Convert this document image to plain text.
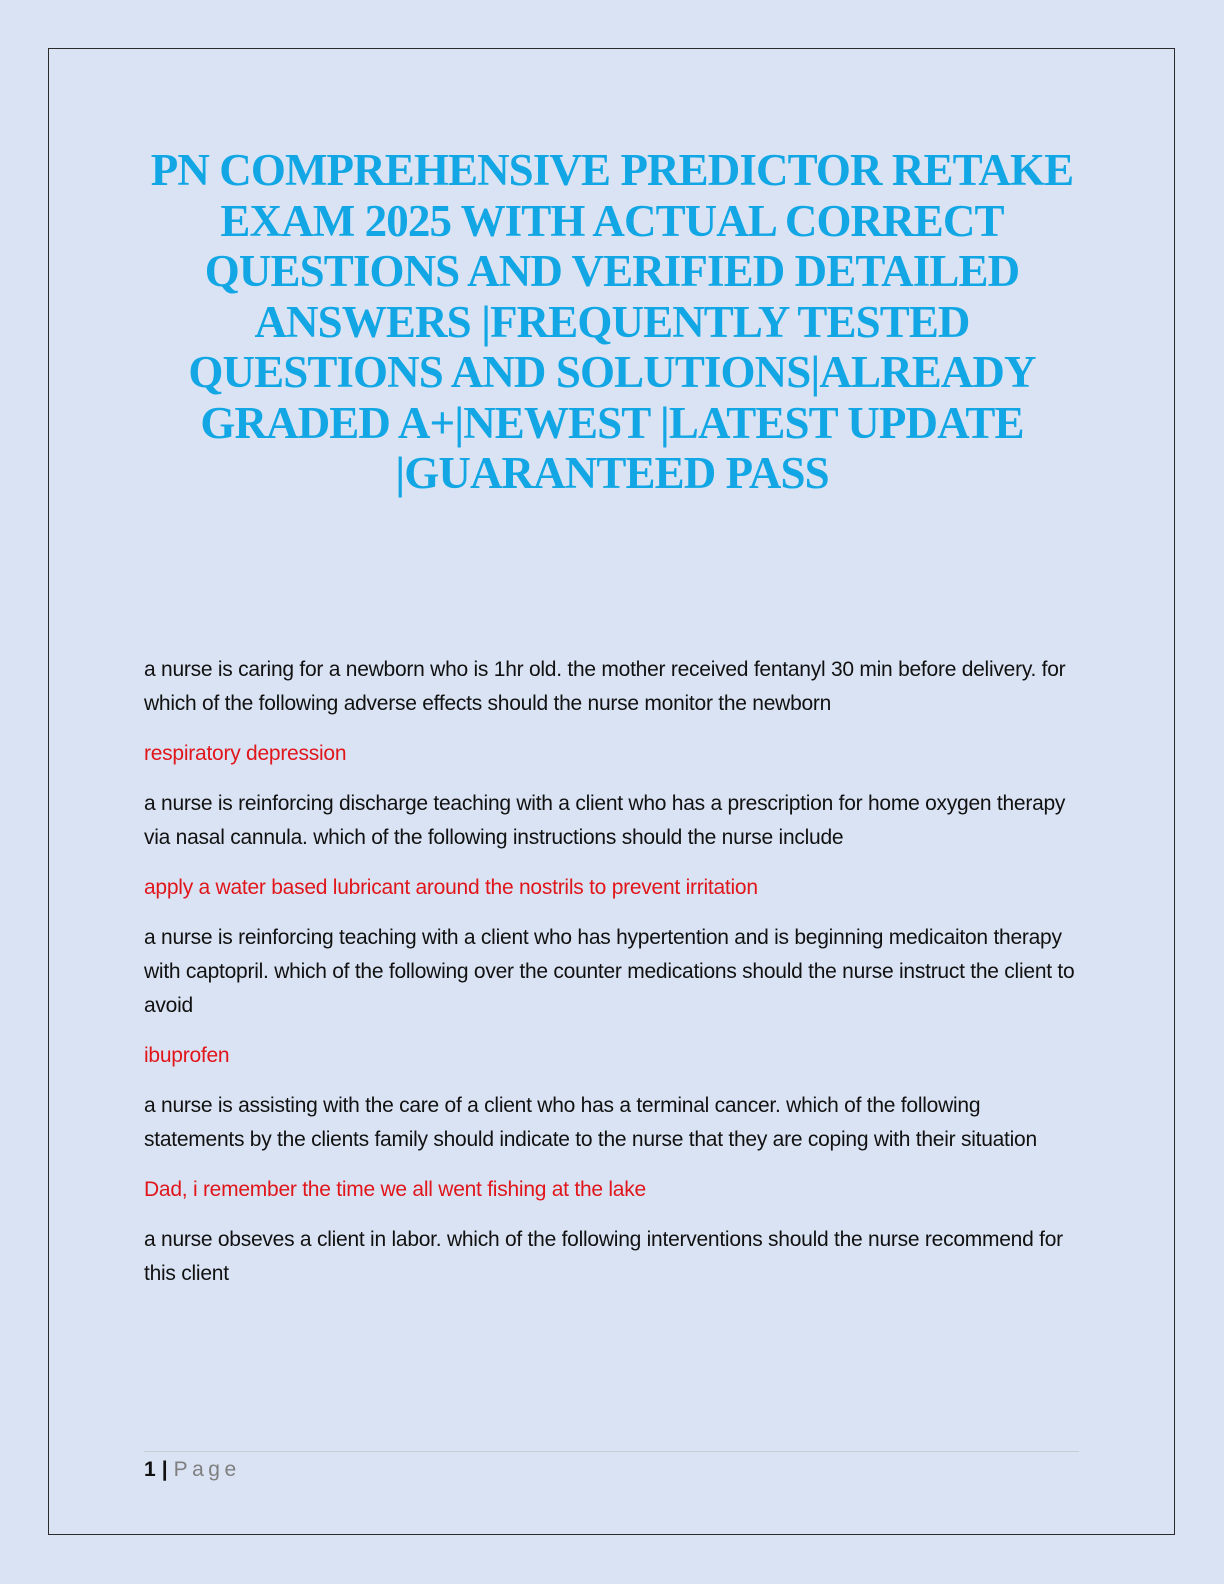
PN COMPREHENSIVE PREDICTOR RETAKE EXAM 2025 WITH ACTUAL CORRECT QUESTIONS AND VERIFIED DETAILED ANSWERS |FREQUENTLY TESTED QUESTIONS AND SOLUTIONS|ALREADY GRADED A+|NEWEST |LATEST UPDATE |GUARANTEED PASS

a nurse is caring for a newborn who is 1hr old. the mother received fentanyl 30 min before delivery. for which of the following adverse effects should the nurse monitor the newborn

respiratory depression

a nurse is reinforcing discharge teaching with a client who has a prescription for home oxygen therapy via nasal cannula. which of the following instructions should the nurse include

apply a water based lubricant around the nostrils to prevent irritation

a nurse is reinforcing teaching with a client who has hypertention and is beginning medicaiton therapy with captopril. which of the following over the counter medications should the nurse instruct the client to avoid

ibuprofen

a nurse is assisting with the care of a client who has a terminal cancer. which of the following statements by the clients family should indicate to the nurse that they are coping with their situation

Dad, i remember the time we all went fishing at the lake

a nurse obseves a client in labor. which of the following interventions should the nurse recommend for this client

1 | Page
